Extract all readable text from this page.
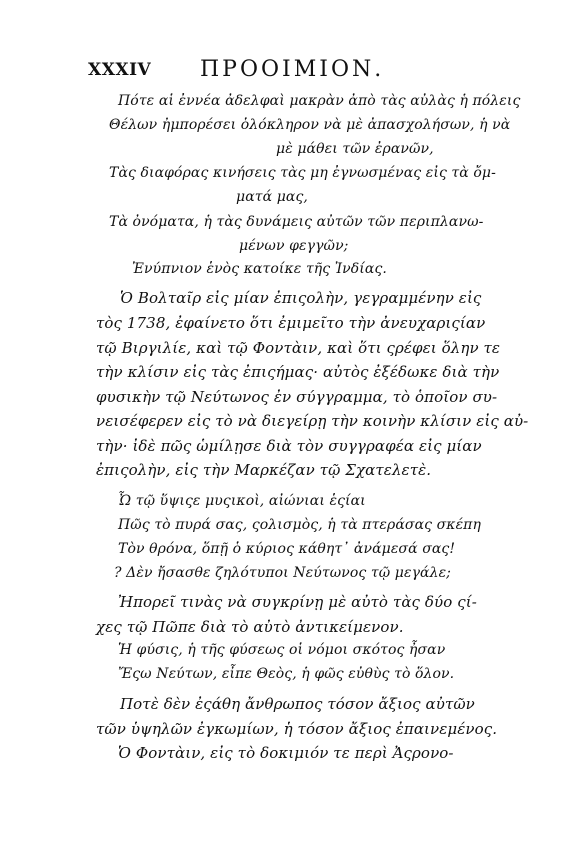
XXXIV ΠΡΟΟΙΜΙΟΝ.
Πότε αἱ ἐννέα ἀδελφαὶ μακρὰν ἀπὸ τὰς αὐλὰς ἡ πόλεις
Θέλων ἠμπορέσει ὁλόκληρον νὰ μὲ ἀπασχολήσων, ἡ νὰ
μὲ μάθει τῶν ἐρανῶν,
Τὰς διαφόρας κινήσεις τὰς μη ἐγνωσμένας εἰς τὰ ὄμ-
ματά μας,
Τὰ ὀνόματα, ἡ τὰς δυνάμεις αὐτῶν τῶν περιπλανω-
μένων φεγγῶν;
Ἐνύπνιον ἑνὸς κατοίκε τῆς Ἰνδίας.
Ὁ Βολταῖρ εἰς μίαν ἐπιςολὴν, γεγραμμένην εἰς
τὸς 1738, ἐφαίνετο ὅτι ἐμιμεῖτο τὴν ἀνευχαριςίαν
τῷ Βιργιλίε, καὶ τῷ Φοντὰιν, καὶ ὅτι ςρέφει ὅλην τε
τὴν κλίσιν εἰς τὰς ἐπιςήμας· αὐτὸς ἐξέδωκε διὰ τὴν
φυσικὴν τῷ Νεύτωνος ἐν σύγγραμμα, τὸ ὁποῖον συ-
νεισέφερεν εἰς τὸ νὰ διεγείρῃ τὴν κοινὴν κλίσιν εἰς αὐ-
τὴν· ἰδὲ πῶς ὡμίλῃσε διὰ τὸν συγγραφέα εἰς μίαν
ἐπιςολὴν, εἰς τὴν Μαρκέζαν τῷ Σχατελετὲ.
Ὦ τῷ ὕψιςε μυςικοὶ, αἰώνιαι ἑςίαι
Πῶς τὸ πυρά σας, ςολισμὸς, ἡ τὰ πτεράσας σκέπη
Τὸν θρόνα, ὅπῇ ὁ κύριος κάθητ᾽ ἀνάμεσά σας!
? Δὲν ἤσασθε ζηλότυποι Νεύτωνος τῷ μεγάλε;
Ἠπορεῖ τινὰς νὰ συγκρίνῃ μὲ αὐτὸ τὰς δύο ςί-
χες τῷ Πῶπε διὰ τὸ αὐτὸ ἀντικείμενον.
Ἡ φύσις, ἡ τῆς φύσεως οἱ νόμοι σκότος ἦσαν
Ἔςω Νεύτων, εἶπε Θεὸς, ἡ φῶς εὐθὺς τὸ ὅλον.
Ποτὲ δὲν ἐςάθη ἄνθρωπος τόσον ἄξιος αὐτῶν
τῶν ὑψηλῶν ἐγκωμίων, ἡ τόσον ἄξιος ἐπαινεμένος.
Ὁ Φοντὰιν, εἰς τὸ δοκιμιόν τε περὶ Ἀςρονο-
